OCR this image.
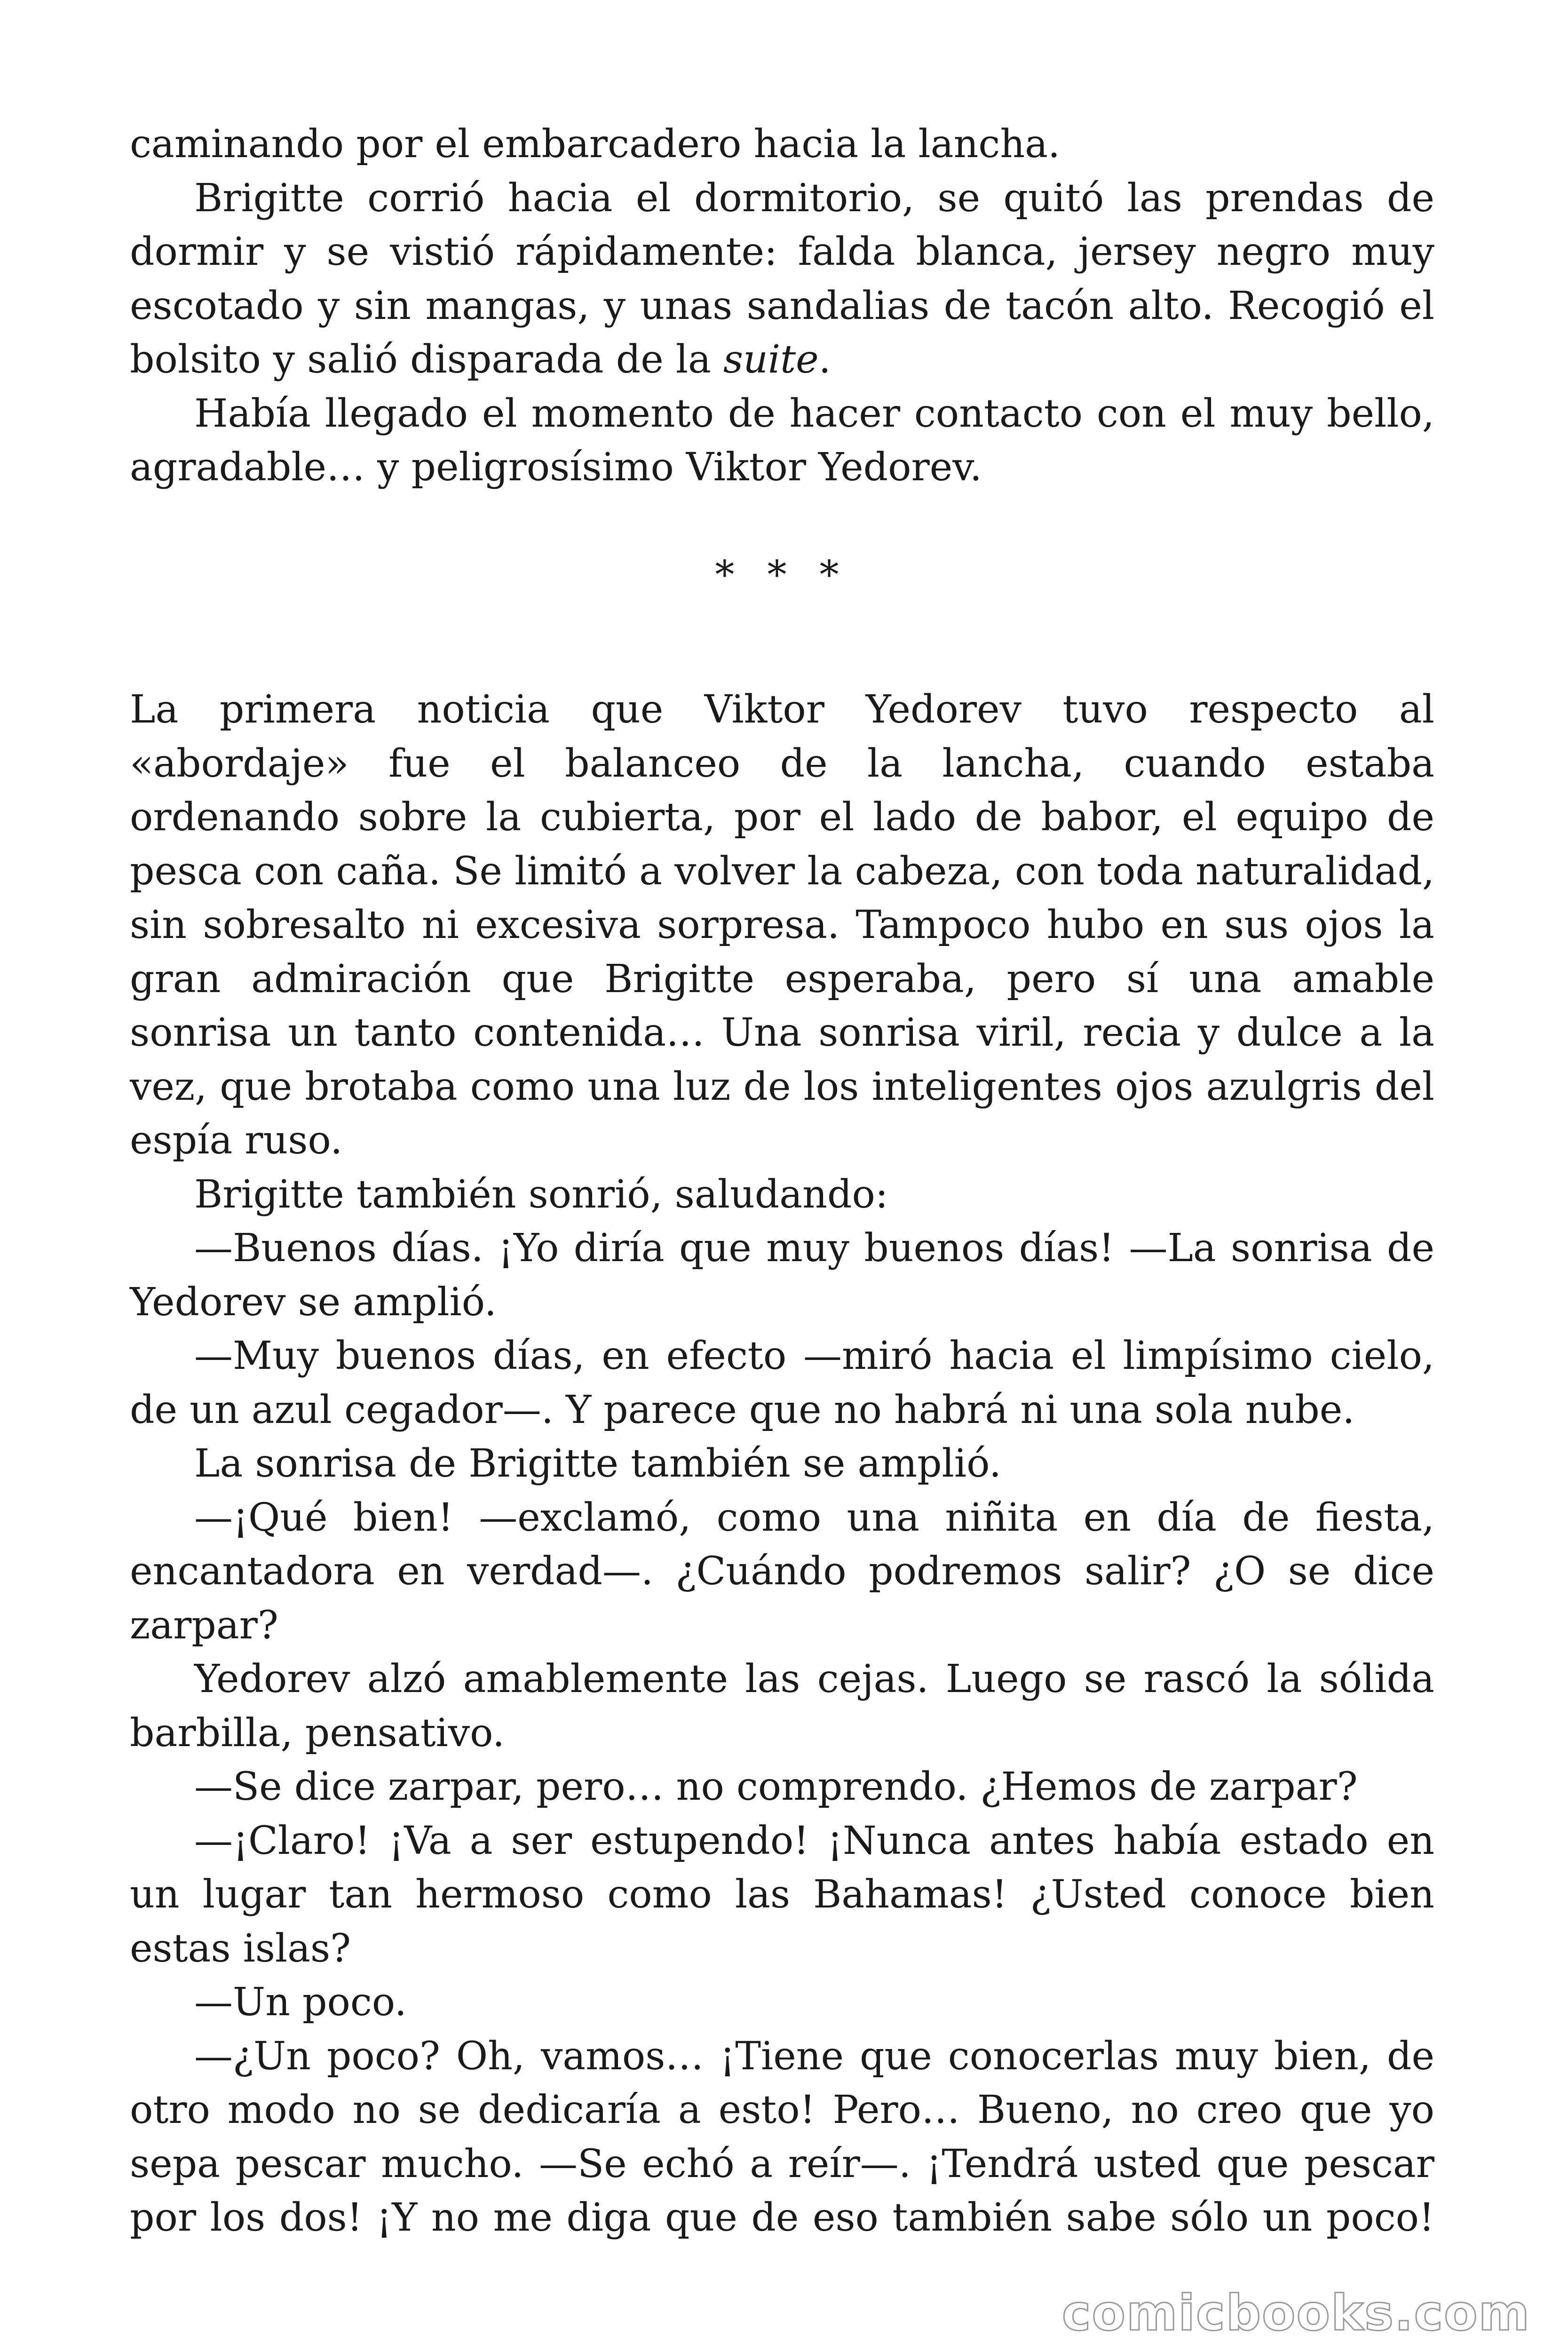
caminando por el embarcadero hacia la lancha.

Brigitte corrió hacia el dormitorio, se quitó las prendas de dormir y se vistió rápidamente: falda blanca, jersey negro muy escotado y sin mangas, y unas sandalias de tacón alto. Recogió el bolsito y salió disparada de la suite.

Había llegado el momento de hacer contacto con el muy bello, agradable… y peligrosísimo Viktor Yedorev.

* * *

La primera noticia que Viktor Yedorev tuvo respecto al «abordaje» fue el balanceo de la lancha, cuando estaba ordenando sobre la cubierta, por el lado de babor, el equipo de pesca con caña. Se limitó a volver la cabeza, con toda naturalidad, sin sobresalto ni excesiva sorpresa. Tampoco hubo en sus ojos la gran admiración que Brigitte esperaba, pero sí una amable sonrisa un tanto contenida… Una sonrisa viril, recia y dulce a la vez, que brotaba como una luz de los inteligentes ojos azulgris del espía ruso.

Brigitte también sonrió, saludando:

—Buenos días. ¡Yo diría que muy buenos días! —La sonrisa de Yedorev se amplió.

—Muy buenos días, en efecto —miró hacia el limpísimo cielo, de un azul cegador—. Y parece que no habrá ni una sola nube.

La sonrisa de Brigitte también se amplió.

—¡Qué bien! —exclamó, como una niñita en día de fiesta, encantadora en verdad—. ¿Cuándo podremos salir? ¿O se dice zarpar?

Yedorev alzó amablemente las cejas. Luego se rascó la sólida barbilla, pensativo.

—Se dice zarpar, pero… no comprendo. ¿Hemos de zarpar?

—¡Claro! ¡Va a ser estupendo! ¡Nunca antes había estado en un lugar tan hermoso como las Bahamas! ¿Usted conoce bien estas islas?

—Un poco.

—¿Un poco? Oh, vamos… ¡Tiene que conocerlas muy bien, de otro modo no se dedicaría a esto! Pero… Bueno, no creo que yo sepa pescar mucho. —Se echó a reír—. ¡Tendrá usted que pescar por los dos! ¡Y no me diga que de eso también sabe sólo un poco!

comicbooks.com
